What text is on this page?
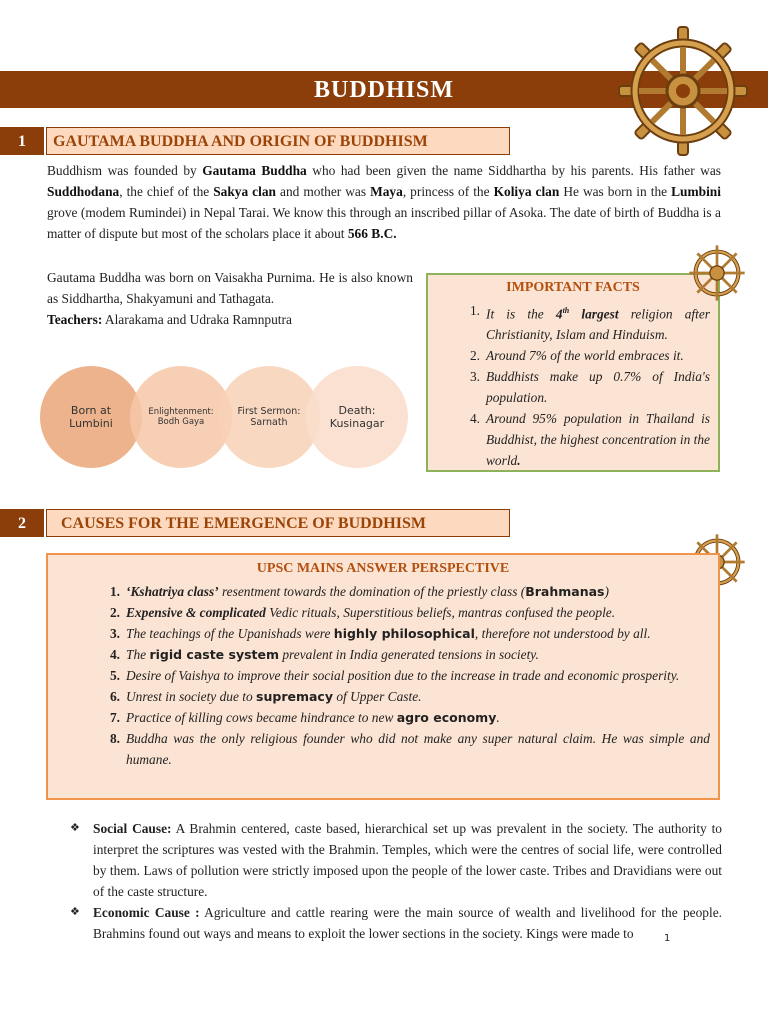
BUDDHISM
1	GAUTAMA BUDDHA AND ORIGIN OF BUDDHISM

Buddhism was founded by Gautama Buddha who had been given the name Siddhartha by his parents. His father was Suddhodana, the chief of the Sakya clan and mother was Maya, princess of the Koliya clan He was born in the Lumbini grove (modem Rumindei) in Nepal Tarai. We know this through an inscribed pillar of Asoka. The date of birth of Buddha is a matter of dispute but most of the scholars place it about 566 B.C.

Gautama Buddha was born on Vaisakha Purnima. He is also known as Siddhartha, Shakyamuni and Tathagata.

Teachers: Alarakama and Udraka Ramnputra

Born at
Lumbini
Enlightenment:
Bodh Gaya
First Sermon:
Sarnath
Death:
Kusinagar
IMPORTANT FACTS
1. It is the 4th largest religion after Christianity, Islam and Hinduism.
2. Around 7% of the world embraces it.
3. Buddhists make up 0.7% of India's population.
4. Around 95% population in Thailand is Buddhist, the highest concentration in the world.
2	CAUSES FOR THE EMERGENCE OF BUDDHISM
UPSC MAINS ANSWER PERSPECTIVE
1. ‘Kshatriya class’ resentment towards the domination of the priestly class (Brahmanas)
2. Expensive & complicated Vedic rituals, Superstitious beliefs, mantras confused the people.
3. The teachings of the Upanishads were highly philosophical, therefore not understood by all.
4. The rigid caste system prevalent in India generated tensions in society.
5. Desire of Vaishya to improve their social position due to the increase in trade and economic prosperity.
6. Unrest in society due to supremacy of Upper Caste.
7. Practice of killing cows became hindrance to new agro economy.
8. Buddha was the only religious founder who did not make any super natural claim. He was simple and humane.
❖ Social Cause: A Brahmin centered, caste based, hierarchical set up was prevalent in the society. The authority to interpret the scriptures was vested with the Brahmin. Temples, which were the centres of social life, were controlled by them. Laws of pollution were strictly imposed upon the people of the lower caste. Tribes and Dravidians were out of the caste structure.
❖ Economic Cause : Agriculture and cattle rearing were the main source of wealth and livelihood for the people. Brahmins found out ways and means to exploit the lower sections in the society. Kings were made to	1
